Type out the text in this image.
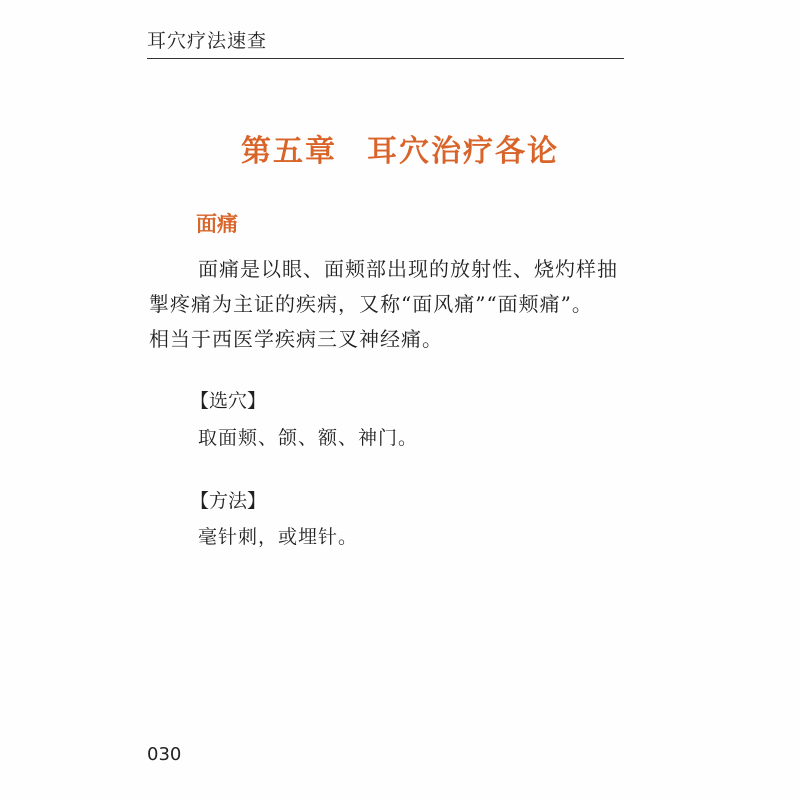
耳穴疗法速查
第五章 耳穴治疗各论
面痛

面痛是以眼、面颊部出现的放射性、烧灼样抽
掣疼痛为主证的疾病，又称“面风痛”“面颊痛”。
相当于西医学疾病三叉神经痛。

【选穴】
取面颊、颌、额、神门。
【方法】
毫针刺，或埋针。
030
